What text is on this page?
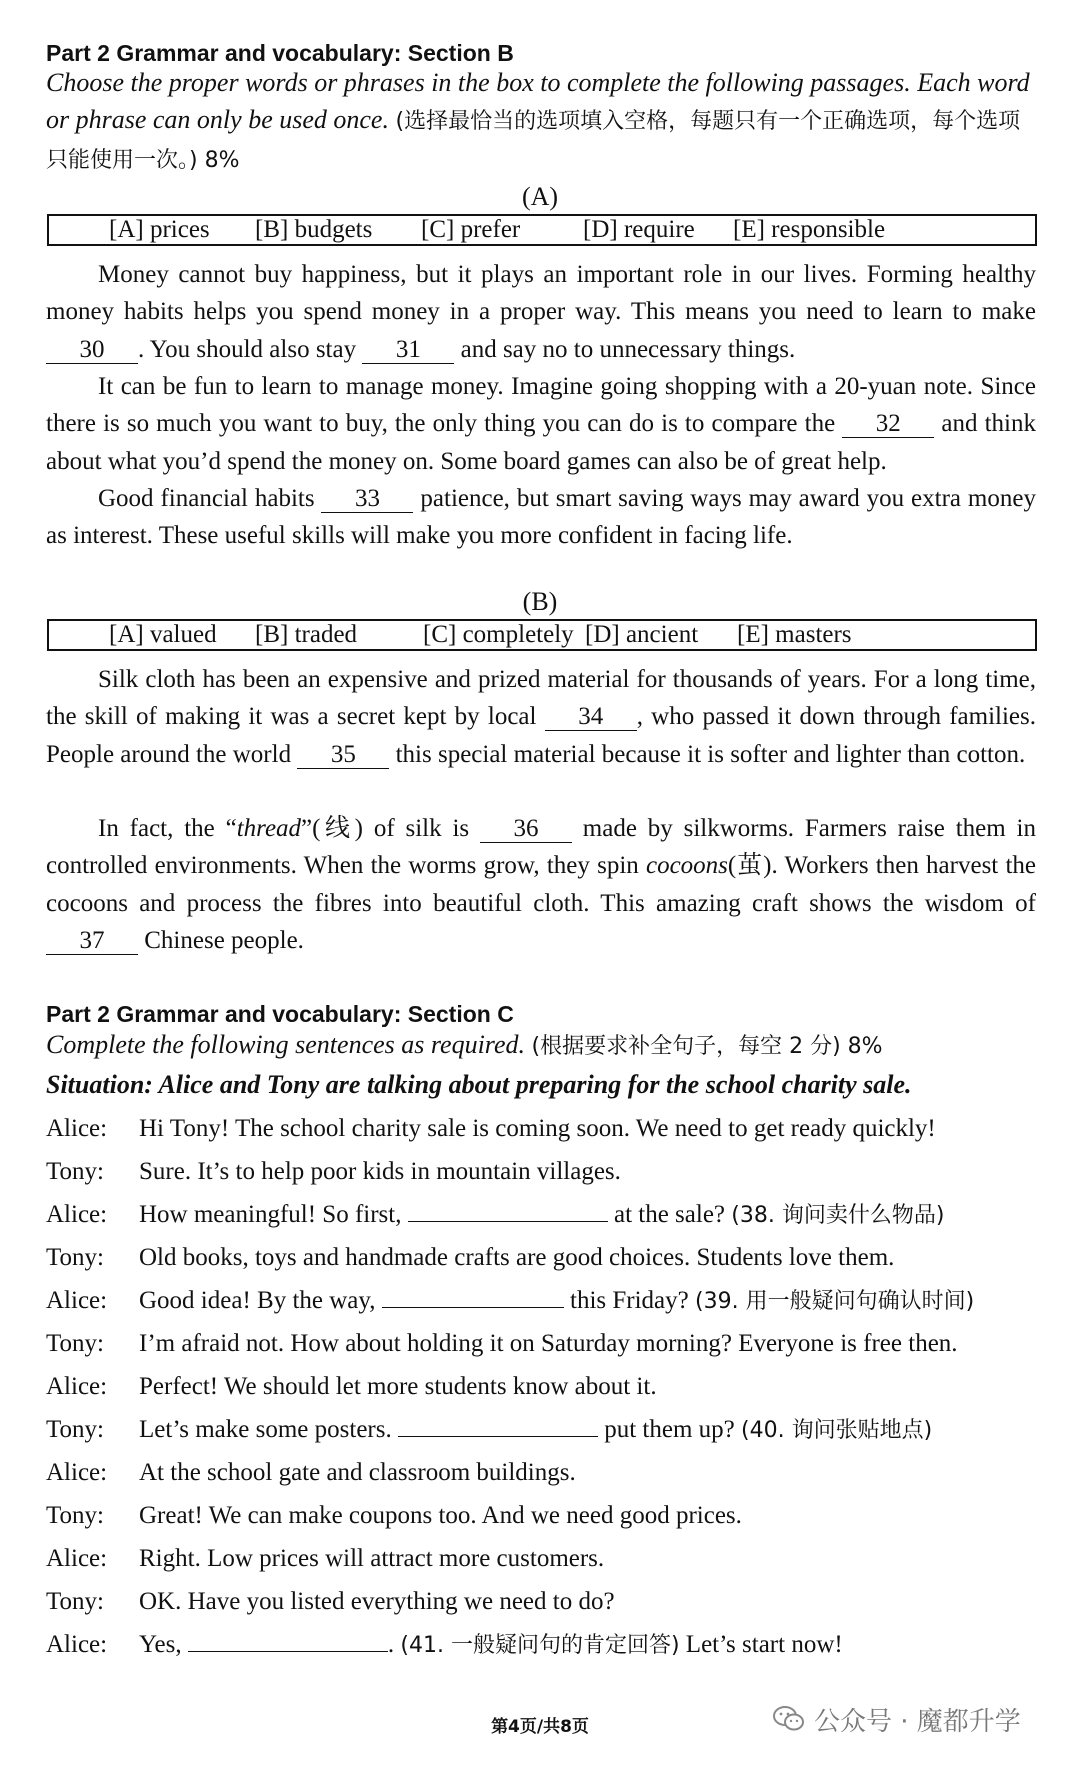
Part 2 Grammar and vocabulary: Section B
Choose the proper words or phrases in the box to complete the following passages. Each word or phrase can only be used once. (选择最恰当的选项填入空格，每题只有一个正确选项，每个选项只能使用一次。) 8%
(A)
[A] prices [B] budgets [C] prefer	[D] require [E] responsible
Money cannot buy happiness, but it plays an important role in our lives. Forming healthy money habits helps you spend money in a proper way. This means you need to learn to make 30 . You should also stay 31 and say no to unnecessary things.
It can be fun to learn to manage money. Imagine going shopping with a 20-yuan note. Since there is so much you want to buy, the only thing you can do is to compare the 32 and think about what you’d spend the money on. Some board games can also be of great help.
Good financial habits 33 patience, but smart saving ways may award you extra money as interest. These useful skills will make you more confident in facing life.
(B)
[A] valued [B] traded	[C] completely [D] ancient [E] masters
Silk cloth has been an expensive and prized material for thousands of years. For a long time, the skill of making it was a secret kept by local 34 , who passed it down through families. People around the world 35 this special material because it is softer and lighter than cotton.
In fact, the “thread”(线) of silk is 36 made by silkworms. Farmers raise them in controlled environments. When the worms grow, they spin cocoons(茧). Workers then harvest the cocoons and process the fibres into beautiful cloth. This amazing craft shows the wisdom of 37 Chinese people.
Part 2 Grammar and vocabulary: Section C
Complete the following sentences as required. (根据要求补全句子，每空 2 分) 8%
Situation: Alice and Tony are talking about preparing for the school charity sale.
Alice: Hi Tony! The school charity sale is coming soon. We need to get ready quickly!
Tony: Sure. It’s to help poor kids in mountain villages.
Alice: How meaningful! So first,	at the sale? (38. 询问卖什么物品)
Tony: Old books, toys and handmade crafts are good choices. Students love them.
Alice: Good idea! By the way,	this Friday? (39. 用一般疑问句确认时间)
Tony: I’m afraid not. How about holding it on Saturday morning? Everyone is free then.
Alice: Perfect! We should let more students know about it.
Tony: Let’s make some posters.	put them up? (40. 询问张贴地点)
Alice: At the school gate and classroom buildings.
Tony: Great! We can make coupons too. And we need good prices.
Alice: Right. Low prices will attract more customers.
Tony: OK. Have you listed everything we need to do?
Alice: Yes,	. (41. 一般疑问句的肯定回答) Let’s start now!
第4页/共8页	公众号 · 魔都升学
